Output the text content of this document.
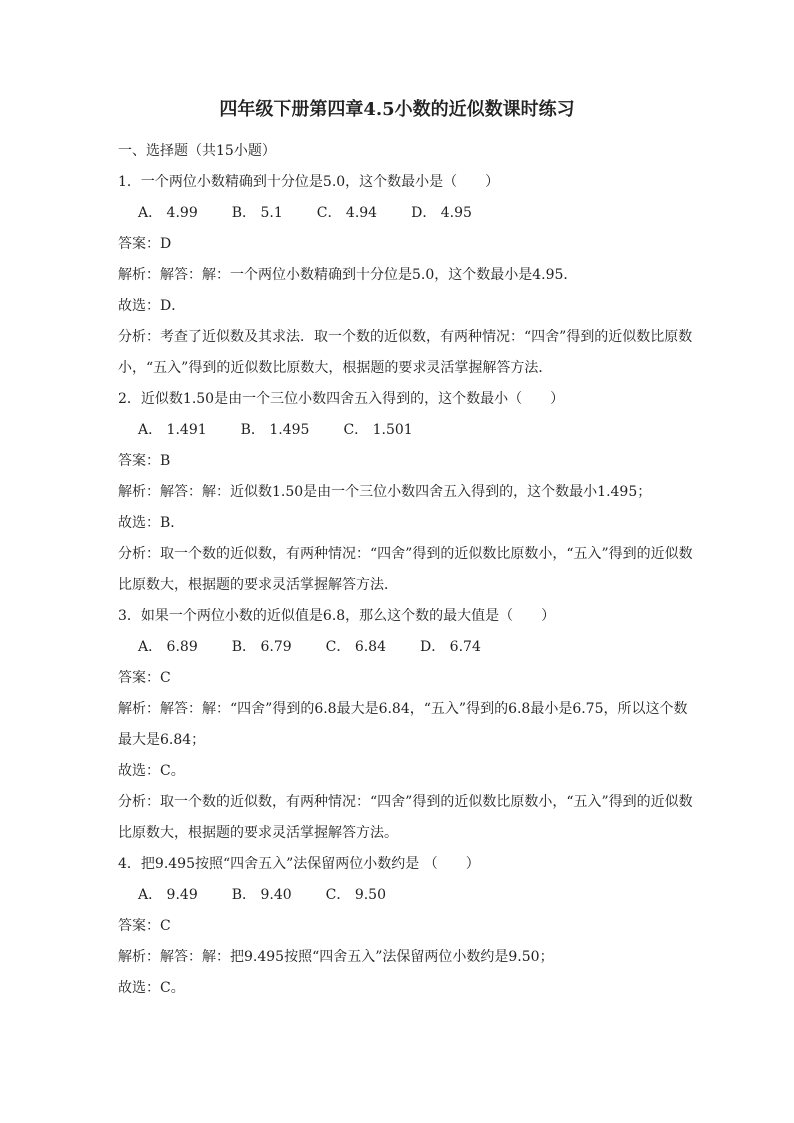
四年级下册第四章4.5小数的近似数课时练习
一、选择题（共15小题）
1．一个两位小数精确到十分位是5.0，这个数最小是（　　）
A． 4.99 B． 5.1 C． 4.94 D． 4.95
答案：D
解析：解答：解：一个两位小数精确到十分位是5.0，这个数最小是4.95．
故选：D．
分析：考查了近似数及其求法．取一个数的近似数，有两种情况：“四舍”得到的近似数比原数小，“五入”得到的近似数比原数大，根据题的要求灵活掌握解答方法．
2．近似数1.50是由一个三位小数四舍五入得到的，这个数最小（　　）
A． 1.491 B． 1.495 C． 1.501
答案：B
解析：解答：解：近似数1.50是由一个三位小数四舍五入得到的，这个数最小1.495；
故选：B．
分析：取一个数的近似数，有两种情况：“四舍”得到的近似数比原数小，“五入”得到的近似数比原数大，根据题的要求灵活掌握解答方法．
3．如果一个两位小数的近似值是6.8，那么这个数的最大值是（　　）
A． 6.89 B． 6.79 C． 6.84 D． 6.74
答案：C
解析：解答：解：“四舍”得到的6.8最大是6.84，“五入”得到的6.8最小是6.75，所以这个数最大是6.84；
故选：C。
分析：取一个数的近似数，有两种情况：“四舍”得到的近似数比原数小，“五入”得到的近似数比原数大，根据题的要求灵活掌握解答方法。
4．把9.495按照“四舍五入”法保留两位小数约是 （　　）
A． 9.49 B． 9.40 C． 9.50
答案：C
解析：解答：解：把9.495按照“四舍五入”法保留两位小数约是9.50；
故选：C。
